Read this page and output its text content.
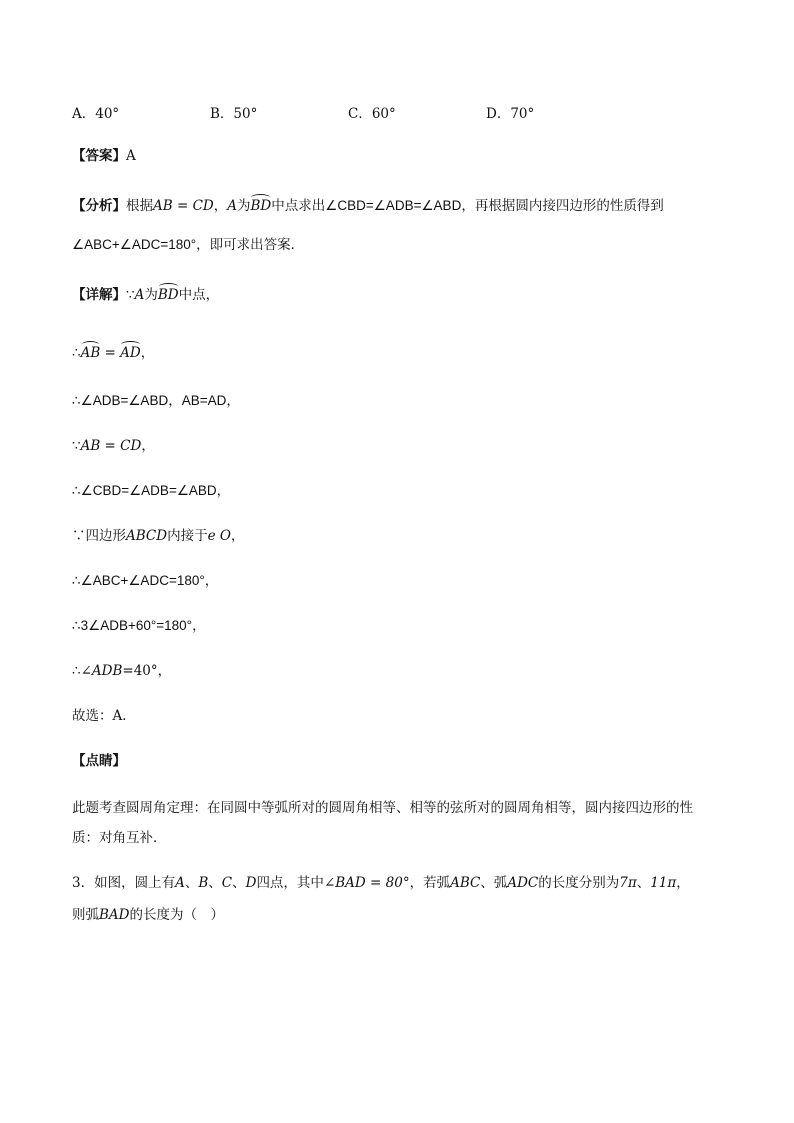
A．40°	B．50°	C．60°	D．70°
【答案】A
【分析】根据AB = CD，A为BD中点求出∠CBD=∠ADB=∠ABD，再根据圆内接四边形的性质得到
∠ABC+∠ADC=180°，即可求出答案．
【详解】∵A为BD中点，
∴AB = AD，
∴∠ADB=∠ABD，AB=AD，
∵AB = CD，
∴∠CBD=∠ADB=∠ABD，
∵四边形ABCD内接于e O，
∴∠ABC+∠ADC=180°，
∴3∠ADB+60°=180°，
∴∠ADB=40°，
故选：A．
【点睛】
此题考查圆周角定理：在同圆中等弧所对的圆周角相等、相等的弦所对的圆周角相等，圆内接四边形的性
质：对角互补．
3．如图，圆上有A、B、C、D四点，其中∠BAD = 80°，若弧ABC、弧ADC的长度分别为7π、11π，
则弧BAD的长度为（　）
